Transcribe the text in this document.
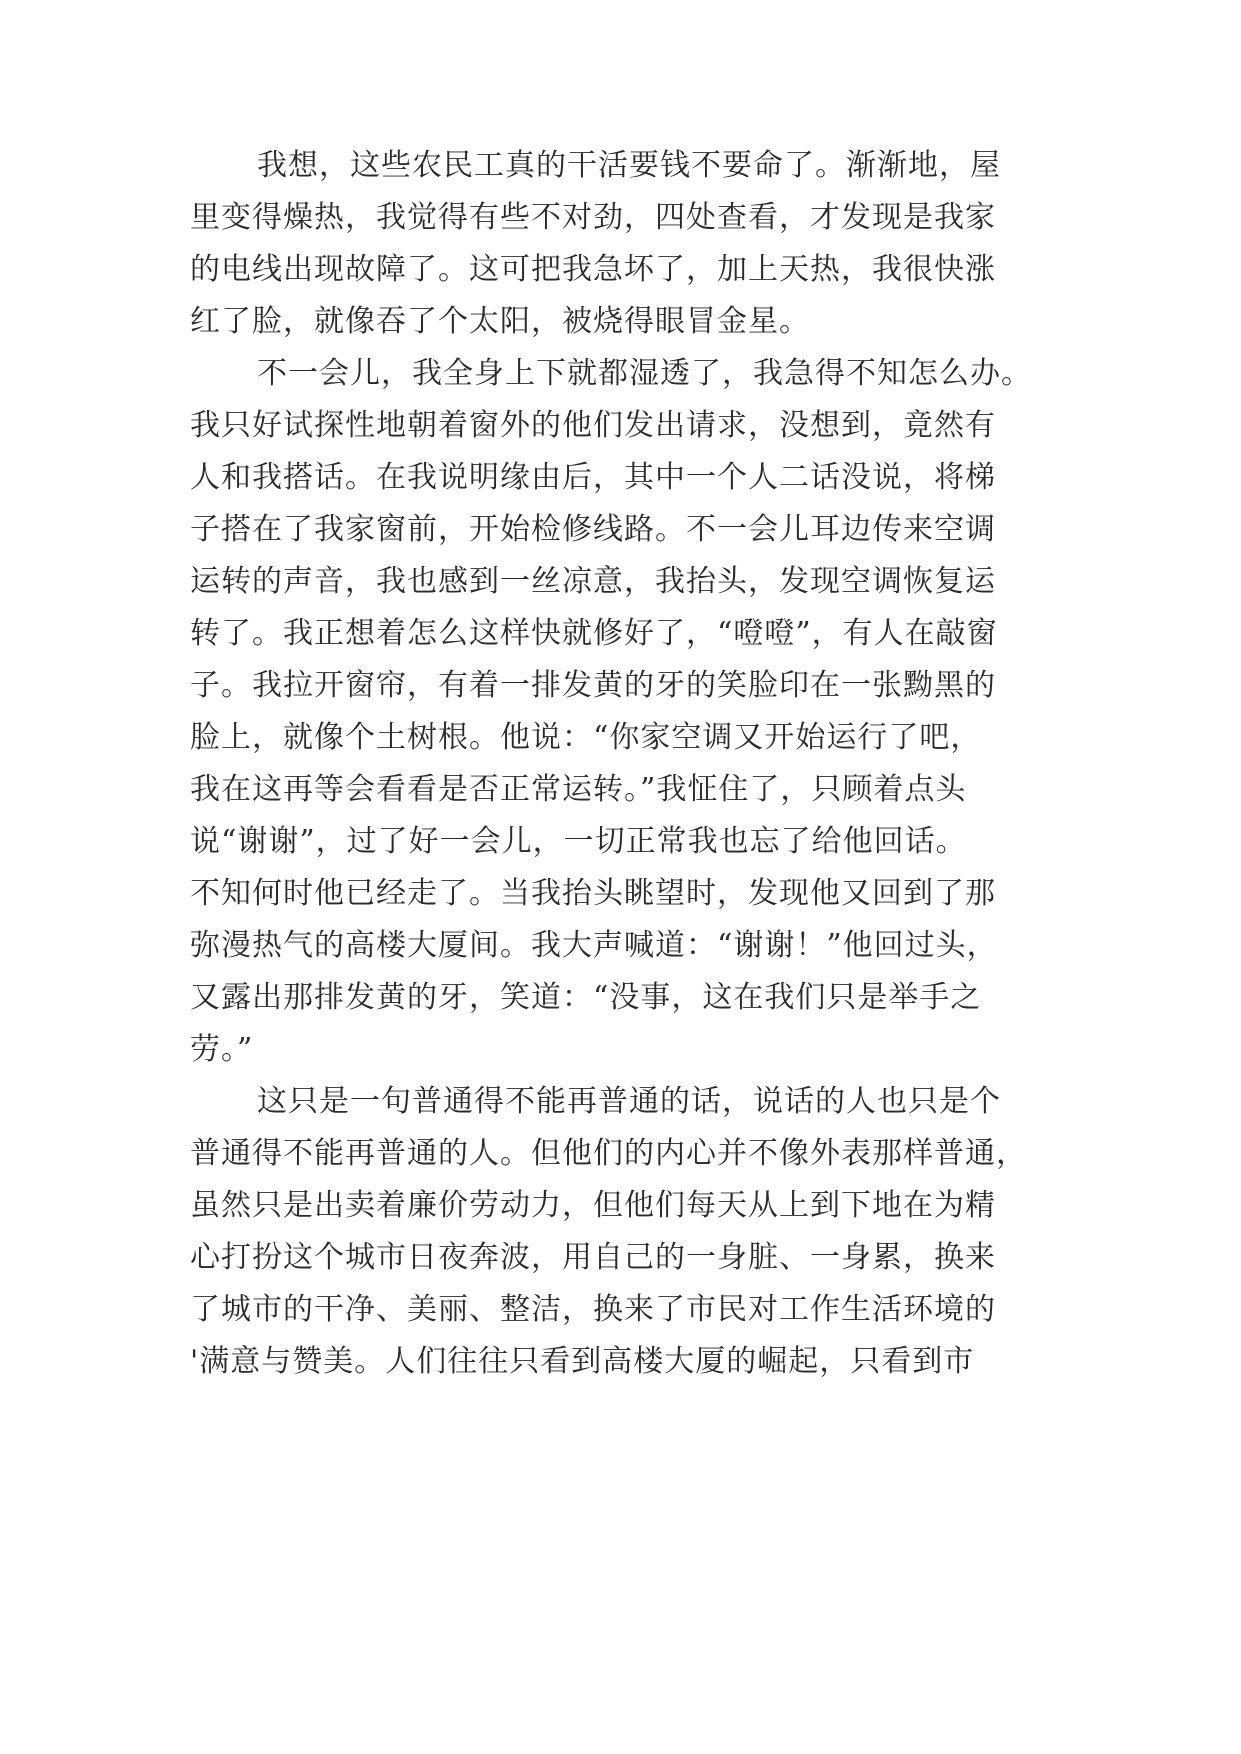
我想，这些农民工真的干活要钱不要命了。渐渐地，屋
里变得燥热，我觉得有些不对劲，四处查看，才发现是我家
的电线出现故障了。这可把我急坏了，加上天热，我很快涨
红了脸，就像吞了个太阳，被烧得眼冒金星。
不一会儿，我全身上下就都湿透了，我急得不知怎么办。
我只好试探性地朝着窗外的他们发出请求，没想到，竟然有
人和我搭话。在我说明缘由后，其中一个人二话没说，将梯
子搭在了我家窗前，开始检修线路。不一会儿耳边传来空调
运转的声音，我也感到一丝凉意，我抬头，发现空调恢复运
转了。我正想着怎么这样快就修好了，“噔噔”，有人在敲窗
子。我拉开窗帘，有着一排发黄的牙的笑脸印在一张黝黑的
脸上，就像个土树根。他说：“你家空调又开始运行了吧，
我在这再等会看看是否正常运转。”我怔住了，只顾着点头
说“谢谢”，过了好一会儿，一切正常我也忘了给他回话。
不知何时他已经走了。当我抬头眺望时，发现他又回到了那
弥漫热气的高楼大厦间。我大声喊道：“谢谢！”他回过头，
又露出那排发黄的牙，笑道：“没事，这在我们只是举手之
劳。”
这只是一句普通得不能再普通的话，说话的人也只是个
普通得不能再普通的人。但他们的内心并不像外表那样普通，
虽然只是出卖着廉价劳动力，但他们每天从上到下地在为精
心打扮这个城市日夜奔波，用自己的一身脏、一身累，换来
了城市的干净、美丽、整洁，换来了市民对工作生活环境的
'满意与赞美。人们往往只看到高楼大厦的崛起，只看到市
